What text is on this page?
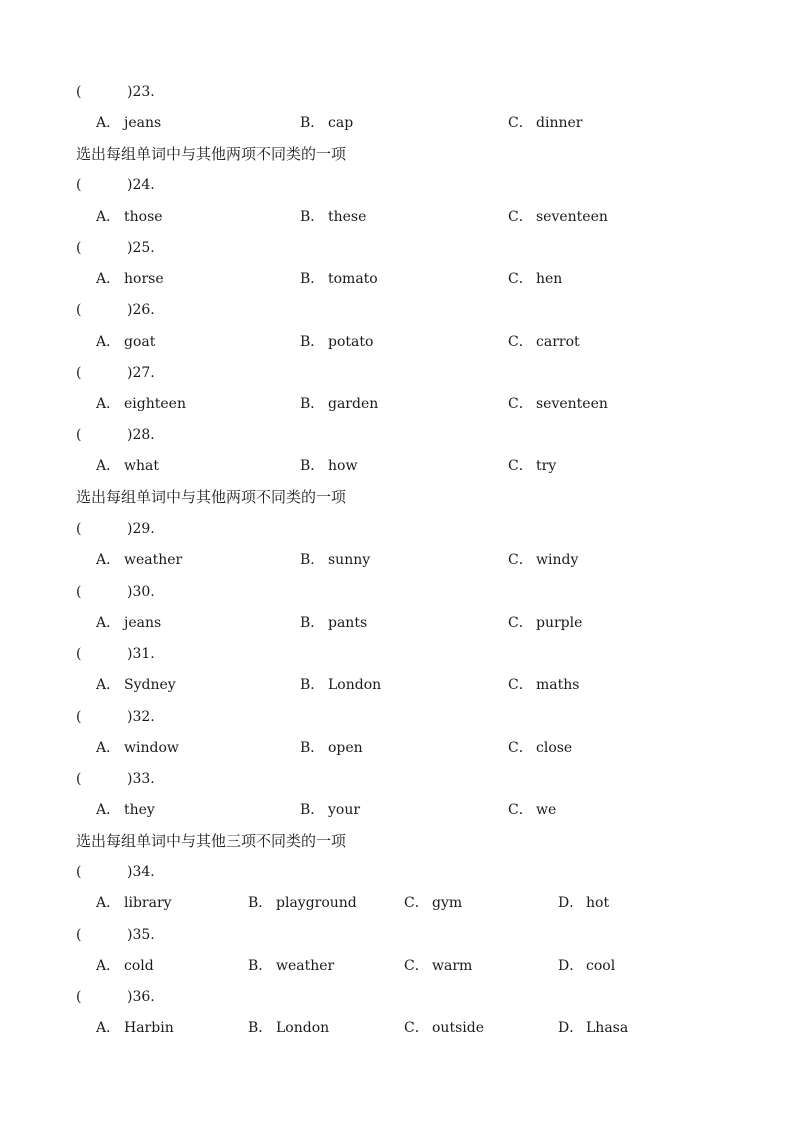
(	)23.
A． jeans	B． cap	C． dinner
选出每组单词中与其他两项不同类的一项
(	)24.
A． those	B． these	C． seventeen
(	)25.
A． horse	B． tomato	C． hen
(	)26.
A． goat	B． potato	C． carrot
(	)27.
A． eighteen	B． garden	C． seventeen
(	)28.
A． what	B． how	C． try
选出每组单词中与其他两项不同类的一项
(	)29.
A． weather	B． sunny	C． windy
(	)30.
A． jeans	B． pants	C． purple
(	)31.
A． Sydney	B． London	C． maths
(	)32.
A． window	B． open	C． close
(	)33.
A． they	B． your	C． we
选出每组单词中与其他三项不同类的一项
(	)34.
A． library	B． playground	C． gym	D． hot
(	)35.
A． cold	B． weather	C． warm	D． cool
(	)36.
A． Harbin	B． London	C． outside	D． Lhasa
